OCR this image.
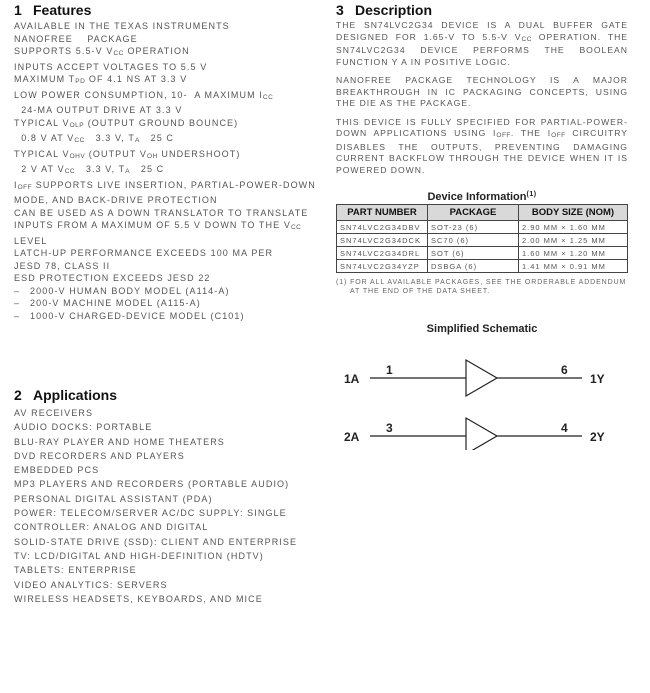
1 Features
AVAILABLE IN THE TEXAS INSTRUMENTS
NANOFREE    PACKAGE
SUPPORTS 5.5-V VCC OPERATION
INPUTS ACCEPT VOLTAGES TO 5.5 V
MAXIMUM TPD OF 4.1 NS AT 3.3 V
LOW POWER CONSUMPTION, 10-  A MAXIMUM ICC
24-MA OUTPUT DRIVE AT 3.3 V
TYPICAL VOLP (OUTPUT GROUND BOUNCE)
0.8 V AT VCC   3.3 V, TA   25 C
TYPICAL VOHV (OUTPUT VOH UNDERSHOOT)
2 V AT VCC   3.3 V, TA   25 C
IOFF SUPPORTS LIVE INSERTION, PARTIAL-POWER-DOWN
MODE, AND BACK-DRIVE PROTECTION
CAN BE USED AS A DOWN TRANSLATOR TO TRANSLATE
INPUTS FROM A MAXIMUM OF 5.5 V DOWN TO THE VCC
LEVEL
LATCH-UP PERFORMANCE EXCEEDS 100 MA PER
JESD 78, CLASS II
ESD PROTECTION EXCEEDS JESD 22
– 2000-V HUMAN BODY MODEL (A114-A)
– 200-V MACHINE MODEL (A115-A)
– 1000-V CHARGED-DEVICE MODEL (C101)
2 Applications
AV RECEIVERS
AUDIO DOCKS: PORTABLE
BLU-RAY PLAYER AND HOME THEATERS
DVD RECORDERS AND PLAYERS
EMBEDDED PCS
MP3 PLAYERS AND RECORDERS (PORTABLE AUDIO)
PERSONAL DIGITAL ASSISTANT (PDA)
POWER: TELECOM/SERVER AC/DC SUPPLY: SINGLE
CONTROLLER: ANALOG AND DIGITAL
SOLID-STATE DRIVE (SSD): CLIENT AND ENTERPRISE
TV: LCD/DIGITAL AND HIGH-DEFINITION (HDTV)
TABLETS: ENTERPRISE
VIDEO ANALYTICS: SERVERS
WIRELESS HEADSETS, KEYBOARDS, AND MICE
3 Description

THE SN74LVC2G34 DEVICE IS A DUAL BUFFER GATE DESIGNED FOR 1.65-V TO 5.5-V VCC OPERATION. THE SN74LVC2G34 DEVICE PERFORMS THE BOOLEAN FUNCTION Y A IN POSITIVE LOGIC.

NANOFREE PACKAGE TECHNOLOGY IS A MAJOR BREAKTHROUGH IN IC PACKAGING CONCEPTS, USING THE DIE AS THE PACKAGE.

THIS DEVICE IS FULLY SPECIFIED FOR PARTIAL-POWER-DOWN APPLICATIONS USING IOFF. THE IOFF CIRCUITRY DISABLES THE OUTPUTS, PREVENTING DAMAGING CURRENT BACKFLOW THROUGH THE DEVICE WHEN IT IS POWERED DOWN.

Device Information$^{(1)}$

PART NUMBER	PACKAGE	BODY SIZE (NOM)
SN74LVC2G34DBV	SOT-23 (6)	2.90 MM × 1.60 MM
SN74LVC2G34DCK	SC70 (6)	2.00 MM × 1.25 MM
SN74LVC2G34DRL	SOT (6)	1.60 MM × 1.20 MM
SN74LVC2G34YZP	DSBGA (6)	1.41 MM × 0.91 MM

(1) FOR ALL AVAILABLE PACKAGES, SEE THE ORDERABLE ADDENDUM AT THE END OF THE DATA SHEET.

Simplified Schematic

1A
1	6
1Y
2A
3	4
2Y
